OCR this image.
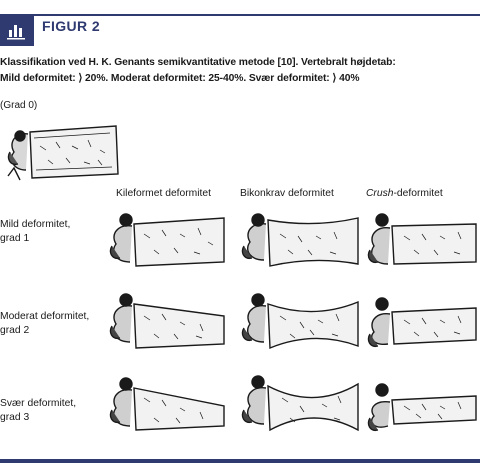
FIGUR 2
Klassifikation ved H. K. Genants semikvantitative metode [10]. Vertebralt højdetab:
Mild deformitet: ⟩ 20%. Moderat deformitet: 25-40%. Svær deformitet: ⟩ 40%
(Grad 0)
Kileformet deformitet	Bikonkrav deformitet	Crush-deformitet
Mild deformitet,
grad 1
Moderat deformitet,
grad 2
Svær deformitet,
grad 3
